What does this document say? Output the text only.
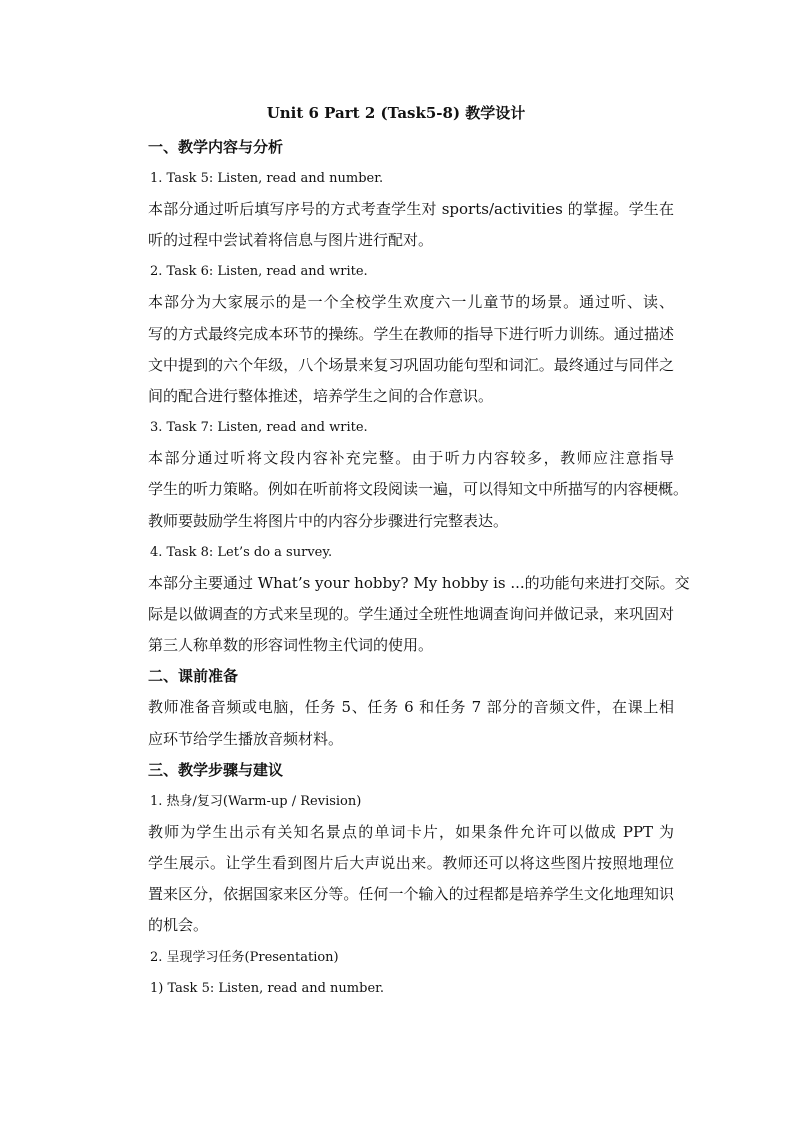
Unit 6 Part 2 (Task5-8) 教学设计
一、教学内容与分析
1. Task 5: Listen, read and number.
本部分通过听后填写序号的方式考查学生对 sports/activities 的掌握。学生在
听的过程中尝试着将信息与图片进行配对。
2. Task 6: Listen, read and write.
本部分为大家展示的是一个全校学生欢度六一儿童节的场景。通过听、读、
写的方式最终完成本环节的操练。学生在教师的指导下进行听力训练。通过描述
文中提到的六个年级，八个场景来复习巩固功能句型和词汇。最终通过与同伴之
间的配合进行整体推述，培养学生之间的合作意识。
3. Task 7: Listen, read and write.
本部分通过听将文段内容补充完整。由于听力内容较多，教师应注意指导
学生的听力策略。例如在听前将文段阅读一遍，可以得知文中所描写的内容梗概。
教师要鼓励学生将图片中的内容分步骤进行完整表达。
4. Task 8: Let’s do a survey.
本部分主要通过 What’s your hobby? My hobby is ...的功能句来进打交际。交
际是以做调查的方式来呈现的。学生通过全班性地调查询问并做记录，来巩固对
第三人称单数的形容词性物主代词的使用。
二、课前准备
教师准备音频或电脑，任务 5、任务 6 和任务 7 部分的音频文件，在课上相
应环节给学生播放音频材料。
三、教学步骤与建议
1. 热身/复习(Warm-up / Revision)
教师为学生出示有关知名景点的单词卡片，如果条件允许可以做成 PPT 为
学生展示。让学生看到图片后大声说出来。教师还可以将这些图片按照地理位
置来区分，依据国家来区分等。任何一个输入的过程都是培养学生文化地理知识
的机会。
2. 呈现学习任务(Presentation)
1) Task 5: Listen, read and number.
